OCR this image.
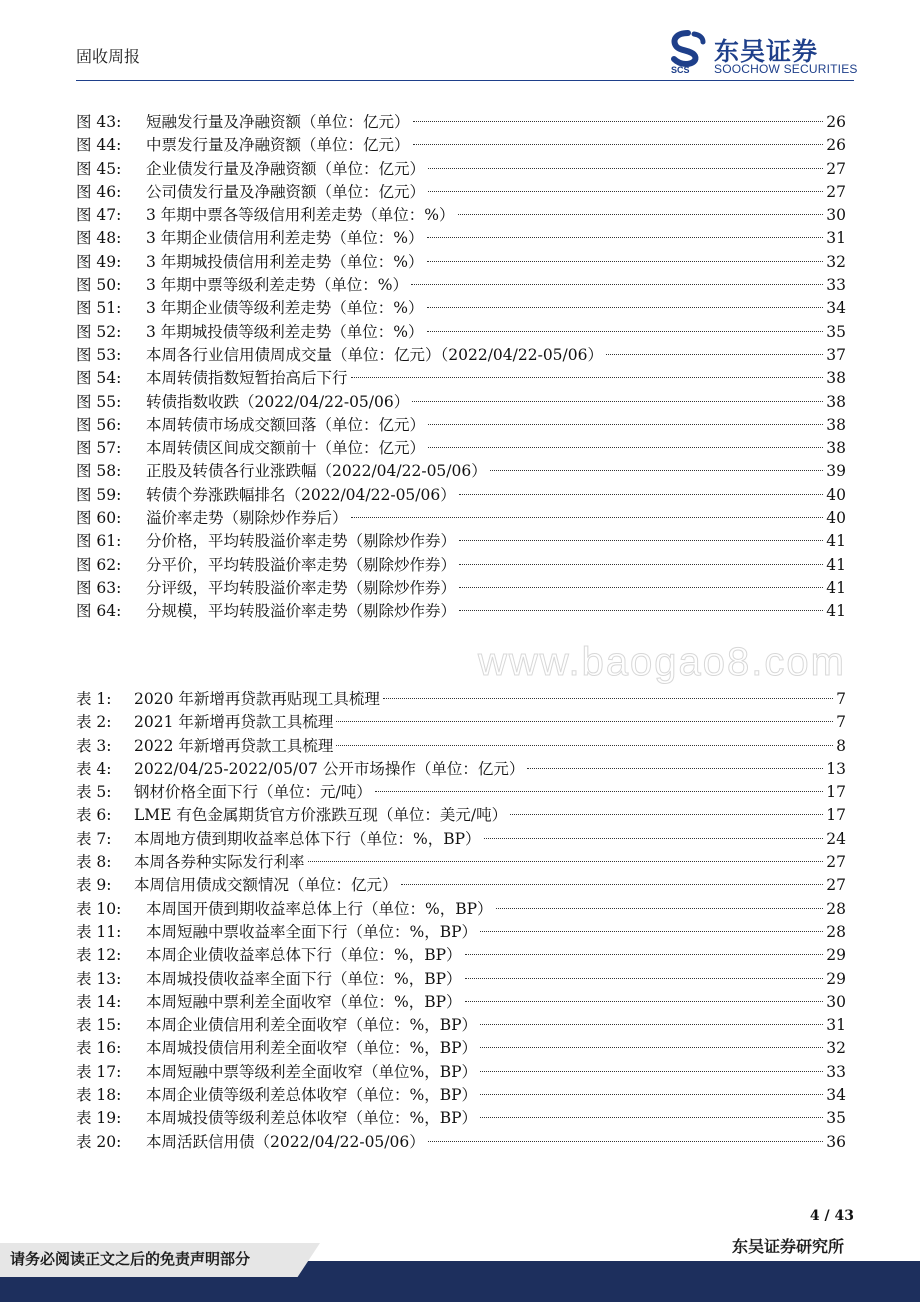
固收周报
SCS
东吴证券
SOOCHOW SECURITIES
图 43:	短融发行量及净融资额（单位：亿元）	26
图 44:	中票发行量及净融资额（单位：亿元）	26
图 45:	企业债发行量及净融资额（单位：亿元）	27
图 46:	公司债发行量及净融资额（单位：亿元）	27
图 47:	3 年期中票各等级信用利差走势（单位：%）	30
图 48:	3 年期企业债信用利差走势（单位：%）	31
图 49:	3 年期城投债信用利差走势（单位：%）	32
图 50:	3 年期中票等级利差走势（单位：%）	33
图 51:	3 年期企业债等级利差走势（单位：%）	34
图 52:	3 年期城投债等级利差走势（单位：%）	35
图 53:	本周各行业信用债周成交量（单位：亿元）（2022/04/22-05/06）	37
图 54:	本周转债指数短暂抬高后下行	38
图 55:	转债指数收跌（2022/04/22-05/06）	38
图 56:	本周转债市场成交额回落（单位：亿元）	38
图 57:	本周转债区间成交额前十（单位：亿元）	38
图 58:	正股及转债各行业涨跌幅（2022/04/22-05/06）	39
图 59:	转债个券涨跌幅排名（2022/04/22-05/06）	40
图 60:	溢价率走势（剔除炒作券后）	40
图 61:	分价格，平均转股溢价率走势（剔除炒作券）	41
图 62:	分平价，平均转股溢价率走势（剔除炒作券）	41
图 63:	分评级，平均转股溢价率走势（剔除炒作券）	41
图 64:	分规模，平均转股溢价率走势（剔除炒作券）	41
表 1:	2020 年新增再贷款再贴现工具梳理	7
表 2:	2021 年新增再贷款工具梳理	7
表 3:	2022 年新增再贷款工具梳理	8
表 4:	2022/04/25-2022/05/07 公开市场操作（单位：亿元）	13
表 5:	钢材价格全面下行（单位：元/吨）	17
表 6:	LME 有色金属期货官方价涨跌互现（单位：美元/吨）	17
表 7:	本周地方债到期收益率总体下行（单位：%，BP）	24
表 8:	本周各券种实际发行利率	27
表 9:	本周信用债成交额情况（单位：亿元）	27
表 10:	本周国开债到期收益率总体上行（单位：%，BP）	28
表 11:	本周短融中票收益率全面下行（单位：%，BP）	28
表 12:	本周企业债收益率总体下行（单位：%，BP）	29
表 13:	本周城投债收益率全面下行（单位：%，BP）	29
表 14:	本周短融中票利差全面收窄（单位：%，BP）	30
表 15:	本周企业债信用利差全面收窄（单位：%，BP）	31
表 16:	本周城投债信用利差全面收窄（单位：%，BP）	32
表 17:	本周短融中票等级利差全面收窄（单位%，BP）	33
表 18:	本周企业债等级利差总体收窄（单位：%，BP）	34
表 19:	本周城投债等级利差总体收窄（单位：%，BP）	35
表 20:	本周活跃信用债（2022/04/22-05/06）	36
www.baogao8.com
4 / 43
请务必阅读正文之后的免责声明部分
东吴证券研究所
